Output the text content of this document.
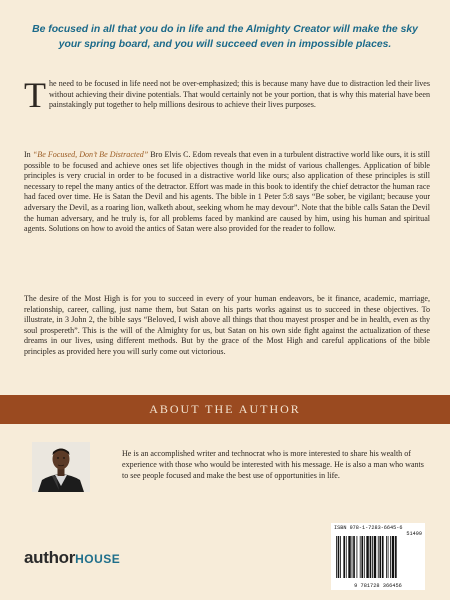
Be focused in all that you do in life and the Almighty Creator will make the sky your spring board, and you will succeed even in impossible places.
The need to be focused in life need not be over-emphasized; this is because many have due to distraction led their lives without achieving their divine potentials. That would certainly not be your portion, that is why this material have been painstakingly put together to help millions desirous to achieve their lives purposes.
In “Be Focused, Don’t Be Distracted” Bro Elvis C. Edom reveals that even in a turbulent distractive world like ours, it is still possible to be focused and achieve ones set life objectives though in the midst of various challenges. Application of bible principles is very crucial in order to be focused in a distractive world like ours; also application of these principles is still necessary to repel the many antics of the detractor. Effort was made in this book to identify the chief detractor the human race had faced over time. He is Satan the Devil and his agents. The bible in 1 Peter 5:8 says “Be sober, be vigilant; because your adversary the Devil, as a roaring lion, walketh about, seeking whom he may devour”. Note that the bible calls Satan the Devil the human adversary, and he truly is, for all problems faced by mankind are caused by him, using his human and spiritual agents. Solutions on how to avoid the antics of Satan were also provided for the reader to follow.
The desire of the Most High is for you to succeed in every of your human endeavors, be it finance, academic, marriage, relationship, career, calling, just name them, but Satan on his parts works against us to succeed in these objectives. To illustrate, in 3 John 2, the bible says “Beloved, I wish above all things that thou mayest prosper and be in health, even as thy soul prospereth”. This is the will of the Almighty for us, but Satan on his own side fight against the actualization of these dreams in our lives, using different methods. But by the grace of the Most High and careful applications of the bible principles as provided here you will surly come out victorious.
ABOUT THE AUTHOR
He is an accomplished writer and technocrat who is more interested to share his wealth of experience with those who would be interested with his message. He is also a man who wants to see people focused and make the best use of opportunities in life.
authorHOUSE
ISBN 978-1-7283-6645-6
51499
9 781728 366456
